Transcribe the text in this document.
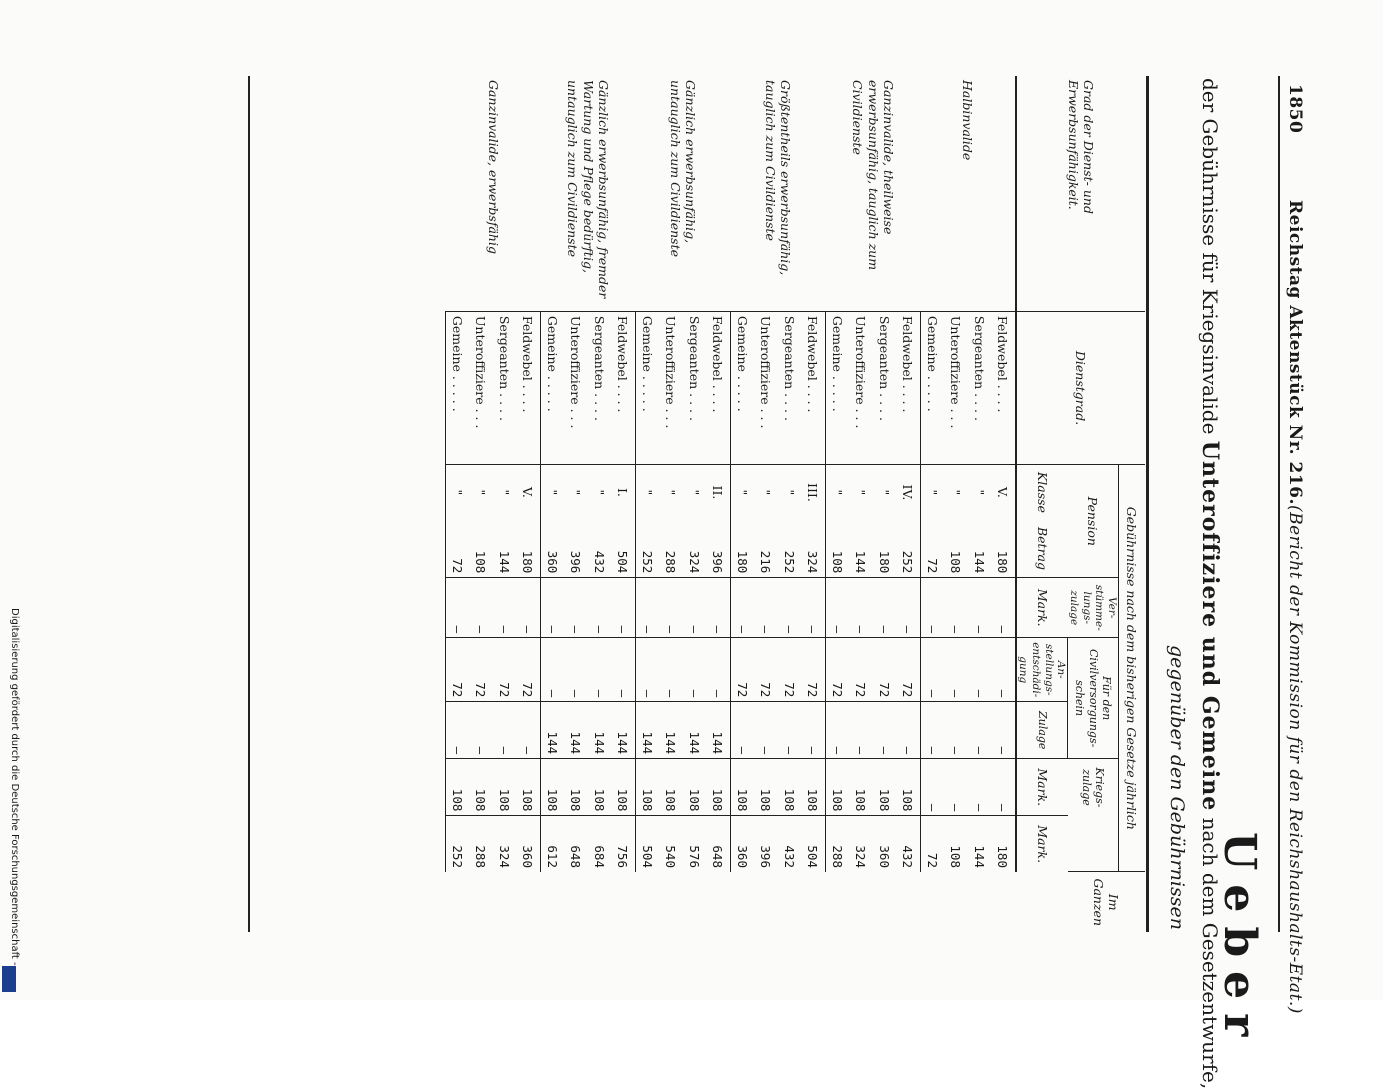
Digitalisierung gefördert durch die Deutsche Forschungsgemeinschaft -
1850
Reichstag Aktenstück Nr. 216.
(Bericht der Kommission für den Reichshaushalts-Etat.)
Ueber
der Gebührnisse für Kriegsinvalide Unteroffiziere und Gemeine nach dem Gesetzentwurfe,
gegenüber den Gebührnissen
Grad der Dienst- und Erwerbsunfähigkeit.	Dienstgrad.	Gebührnisse nach dem bisherigen Gesetze jährlich							Im Ganzen
		Pension		Ver-stümme-lungs-zulage	Für den Civilversorgungs-schein		Kriegs-zulage	
		Klasse	Betrag	Mark.	An-stellungs-entschädi-gung	Zulage	Mark.	Mark.	
Halbinvalide	Feldwebel . . . .	V.	180	—	—	—	—	180	
	Sergeanten . . . .	"	144	—	—	—	—	144	
	Unteroffiziere . . .	"	108	—	—	—	—	108	
	Gemeine . . . . .	"	72	—	—	—	—	72	
Ganzinvalide, theilweise erwerbsunfähig, tauglich zum Civildienste	Feldwebel . . . .	IV.	252	—	72	—	108	432	
	Sergeanten . . . .	"	180	—	72	—	108	360	
	Unteroffiziere . . .	"	144	—	72	—	108	324	
	Gemeine . . . . .	"	108	—	72	—	108	288	
Größtentheils erwerbsunfähig, tauglich zum Civildienste	Feldwebel . . . .	III.	324	—	72	—	108	504	
	Sergeanten . . . .	"	252	—	72	—	108	432	
	Unteroffiziere . . .	"	216	—	72	—	108	396	
	Gemeine . . . . .	"	180	—	72	—	108	360	
Gänzlich erwerbsunfähig, untauglich zum Civildienste	Feldwebel . . . .	II.	396	—	—	144	108	648	
	Sergeanten . . . .	"	324	—	—	144	108	576	
	Unteroffiziere . . .	"	288	—	—	144	108	540	
	Gemeine . . . . .	"	252	—	—	144	108	504	
Gänzlich erwerbsunfähig, fremder Wartung und Pflege bedürftig, untauglich zum Civildienste	Feldwebel . . . .	I.	504	—	—	144	108	756	
	Sergeanten . . . .	"	432	—	—	144	108	684	
	Unteroffiziere . . .	"	396	—	—	144	108	648	
	Gemeine . . . . .	"	360	—	—	144	108	612	
Ganzinvalide, erwerbsfähig	Feldwebel . . . .	V.	180	—	72	—	108	360	
	Sergeanten . . . .	"	144	—	72	—	108	324	
	Unteroffiziere . . .	"	108	—	72	—	108	288	
	Gemeine . . . . .	"	72	—	72	—	108	252	
